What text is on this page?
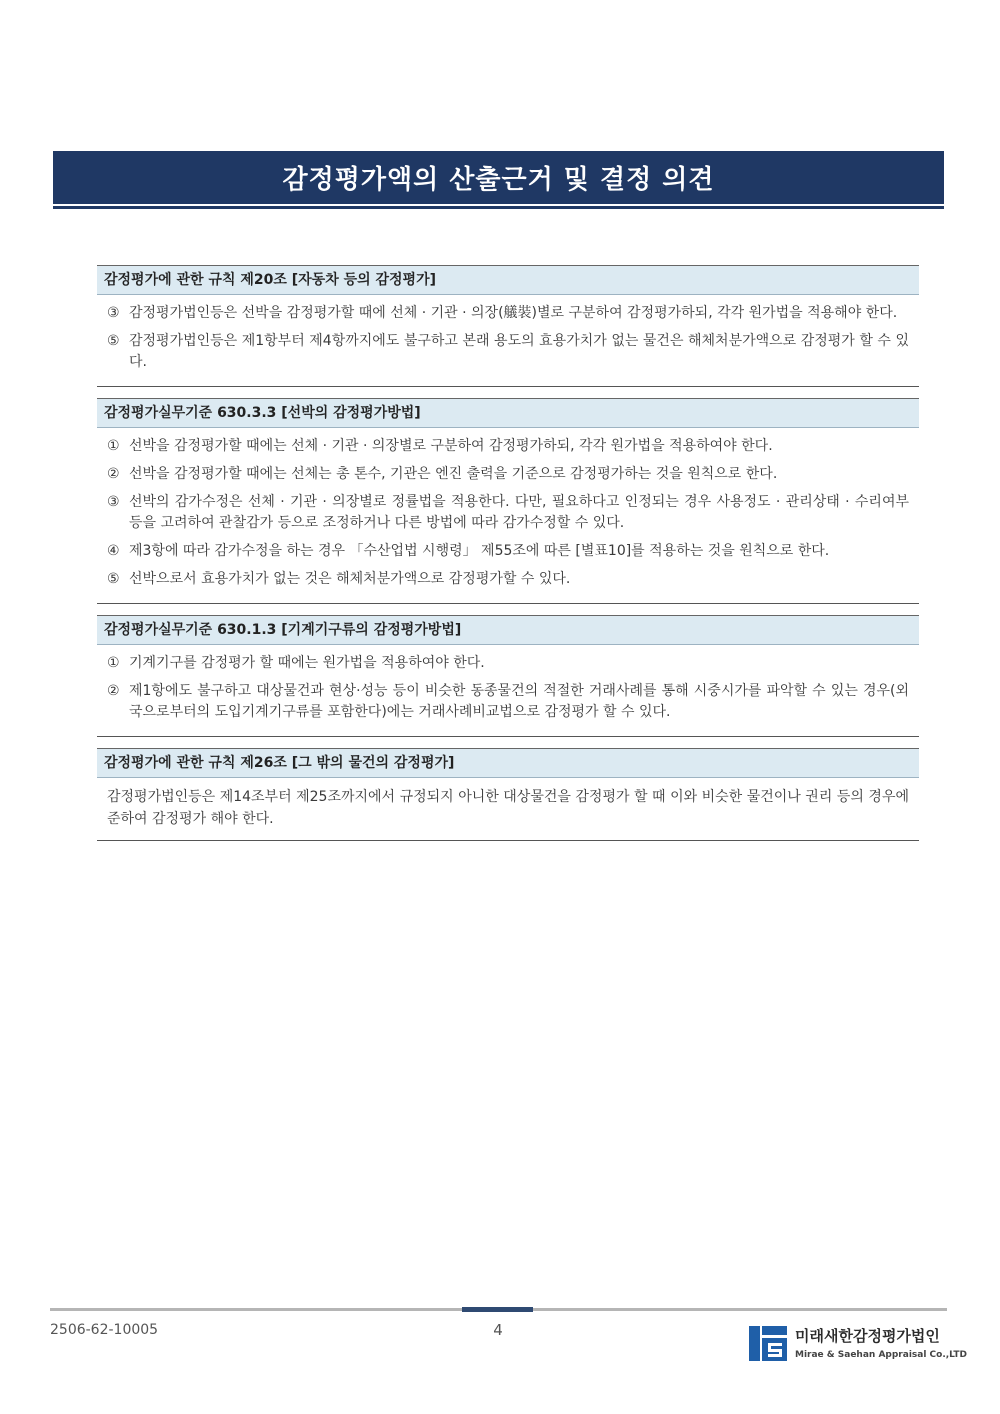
감정평가액의 산출근거 및 결정 의견
감정평가에 관한 규칙 제20조 [자동차 등의 감정평가]
③ 감정평가법인등은 선박을 감정평가할 때에 선체 · 기관 · 의장(艤裝)별로 구분하여 감정평가하되, 각각 원가법을 적용해야 한다.
⑤ 감정평가법인등은 제1항부터 제4항까지에도 불구하고 본래 용도의 효용가치가 없는 물건은 해체처분가액으로 감정평가 할 수 있다.
감정평가실무기준 630.3.3 [선박의 감정평가방법]
① 선박을 감정평가할 때에는 선체 · 기관 · 의장별로 구분하여 감정평가하되, 각각 원가법을 적용하여야 한다.
② 선박을 감정평가할 때에는 선체는 총 톤수, 기관은 엔진 출력을 기준으로 감정평가하는 것을 원칙으로 한다.
③ 선박의 감가수정은 선체 · 기관 · 의장별로 정률법을 적용한다. 다만, 필요하다고 인정되는 경우 사용정도 · 관리상태 · 수리여부 등을 고려하여 관찰감가 등으로 조정하거나 다른 방법에 따라 감가수정할 수 있다.
④ 제3항에 따라 감가수정을 하는 경우 「수산업법 시행령」 제55조에 따른 [별표10]를 적용하는 것을 원칙으로 한다.
⑤ 선박으로서 효용가치가 없는 것은 해체처분가액으로 감정평가할 수 있다.
감정평가실무기준 630.1.3 [기계기구류의 감정평가방법]
① 기계기구를 감정평가 할 때에는 원가법을 적용하여야 한다.
② 제1항에도 불구하고 대상물건과 현상·성능 등이 비슷한 동종물건의 적절한 거래사례를 통해 시중시가를 파악할 수 있는 경우(외국으로부터의 도입기계기구류를 포함한다)에는 거래사례비교법으로 감정평가 할 수 있다.
감정평가에 관한 규칙 제26조 [그 밖의 물건의 감정평가]
감정평가법인등은 제14조부터 제25조까지에서 규정되지 아니한 대상물건을 감정평가 할 때 이와 비슷한 물건이나 권리 등의 경우에 준하여 감정평가 해야 한다.
2506-62-10005	4	미래새한감정평가법인
Mirae & Saehan Appraisal Co.,LTD
